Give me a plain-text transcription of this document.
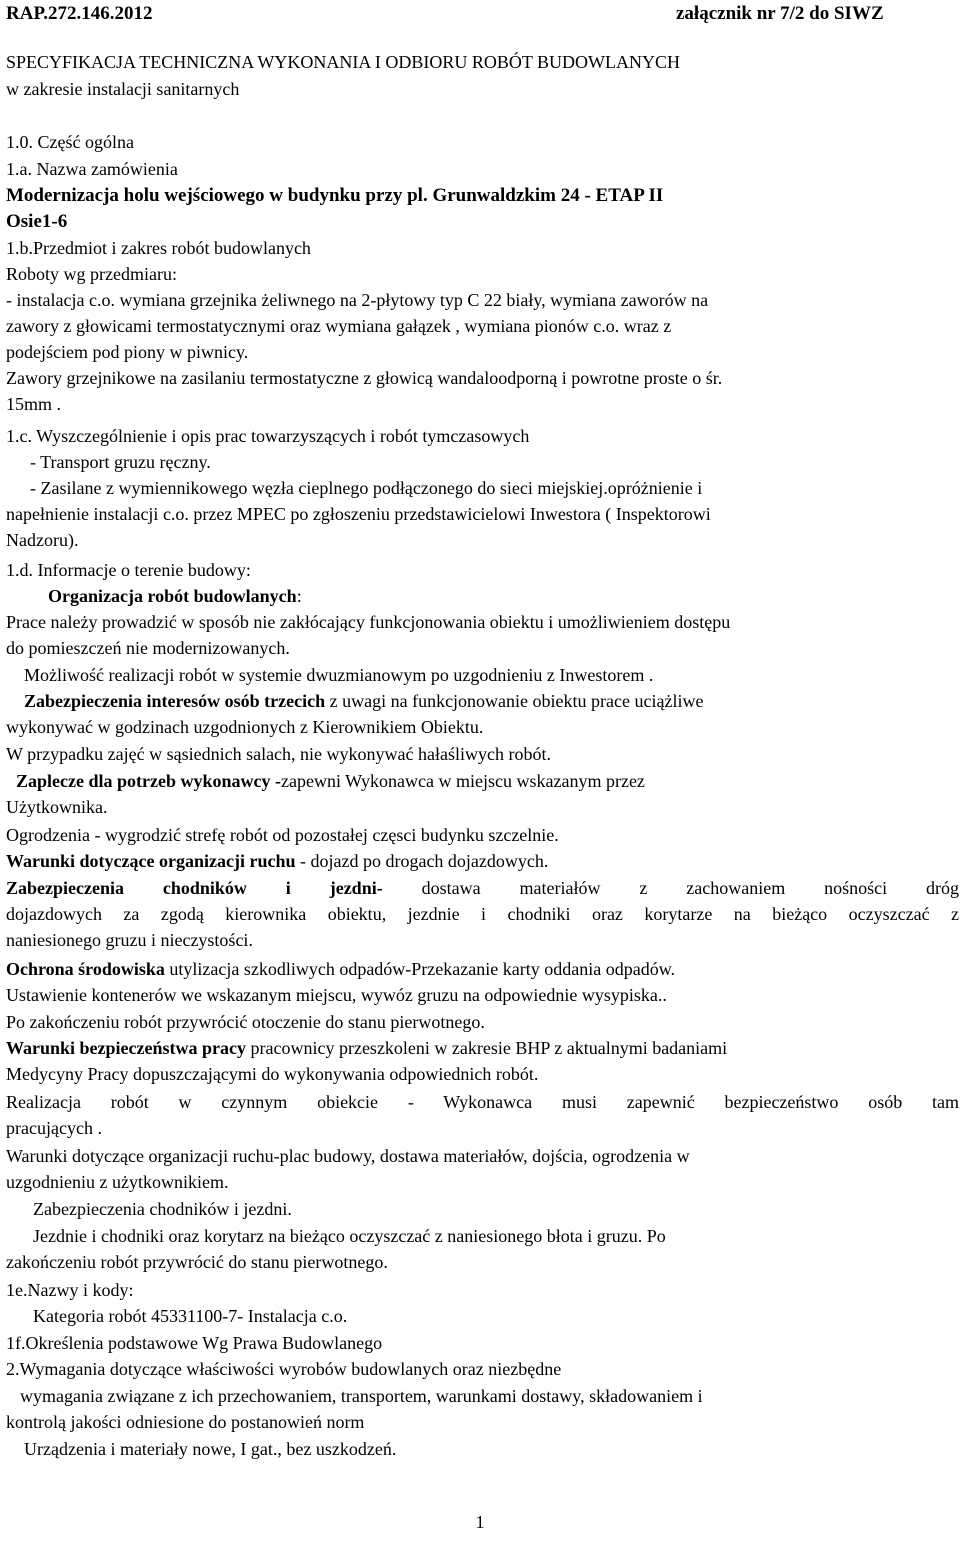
RAP.272.146.2012	załącznik nr 7/2 do SIWZ
SPECYFIKACJA TECHNICZNA WYKONANIA I ODBIORU ROBÓT BUDOWLANYCH
w zakresie instalacji sanitarnych
1.0. Część ogólna
1.a. Nazwa zamówienia
Modernizacja holu wejściowego w budynku przy pl. Grunwaldzkim 24 - ETAP II
Osie1-6
1.b.Przedmiot i zakres robót budowlanych
Roboty wg przedmiaru:
- instalacja c.o. wymiana grzejnika żeliwnego na 2-płytowy typ C 22 biały, wymiana zaworów na
zawory z głowicami termostatycznymi oraz wymiana gałązek , wymiana pionów c.o. wraz z
podejściem pod piony w piwnicy.
Zawory grzejnikowe na zasilaniu termostatyczne z głowicą wandaloodporną i powrotne proste o śr.
15mm .
1.c. Wyszczególnienie i opis prac towarzyszących i robót tymczasowych
- Transport gruzu ręczny.
- Zasilane z wymiennikowego węzła cieplnego podłączonego do sieci miejskiej.opróżnienie i
napełnienie instalacji c.o. przez MPEC po zgłoszeniu przedstawicielowi Inwestora ( Inspektorowi
Nadzoru).
1.d. Informacje o terenie budowy:
Organizacja robót budowlanych:
Prace należy prowadzić w sposób nie zakłócający funkcjonowania obiektu i umożliwieniem dostępu
do pomieszczeń nie modernizowanych.
Możliwość realizacji robót w systemie dwuzmianowym po uzgodnieniu z Inwestorem .
Zabezpieczenia interesów osób trzecich z uwagi na funkcjonowanie obiektu prace uciążliwe
wykonywać w godzinach uzgodnionych z Kierownikiem Obiektu.
W przypadku zajęć w sąsiednich salach, nie wykonywać hałaśliwych robót.
Zaplecze dla potrzeb wykonawcy -zapewni Wykonawca w miejscu wskazanym przez
Użytkownika.
Ogrodzenia - wygrodzić strefę robót od pozostałej częsci budynku szczelnie.
Warunki dotyczące organizacji ruchu - dojazd po drogach dojazdowych.
Zabezpieczenia chodników i jezdni- dostawa materiałów z zachowaniem nośności dróg
dojazdowych za zgodą kierownika obiektu, jezdnie i chodniki oraz korytarze na bieżąco oczyszczać z
naniesionego gruzu i nieczystości.
Ochrona środowiska utylizacja szkodliwych odpadów-Przekazanie karty oddania odpadów.
Ustawienie kontenerów we wskazanym miejscu, wywóz gruzu na odpowiednie wysypiska..
Po zakończeniu robót przywrócić otoczenie do stanu pierwotnego.
Warunki bezpieczeństwa pracy pracownicy przeszkoleni w zakresie BHP z aktualnymi badaniami
Medycyny Pracy dopuszczającymi do wykonywania odpowiednich robót.
Realizacja robót w czynnym obiekcie - Wykonawca musi zapewnić bezpieczeństwo osób tam
pracujących .
Warunki dotyczące organizacji ruchu-plac budowy, dostawa materiałów, dojścia, ogrodzenia w
uzgodnieniu z użytkownikiem.
Zabezpieczenia chodników i jezdni.
Jezdnie i chodniki oraz korytarz na bieżąco oczyszczać z naniesionego błota i gruzu. Po
zakończeniu robót przywrócić do stanu pierwotnego.
1e.Nazwy i kody:
Kategoria robót 45331100-7- Instalacja c.o.
1f.Określenia podstawowe Wg Prawa Budowlanego
2.Wymagania dotyczące właściwości wyrobów budowlanych oraz niezbędne
wymagania związane z ich przechowaniem, transportem, warunkami dostawy, składowaniem i
kontrolą jakości odniesione do postanowień norm
Urządzenia i materiały nowe, I gat., bez uszkodzeń.
1
